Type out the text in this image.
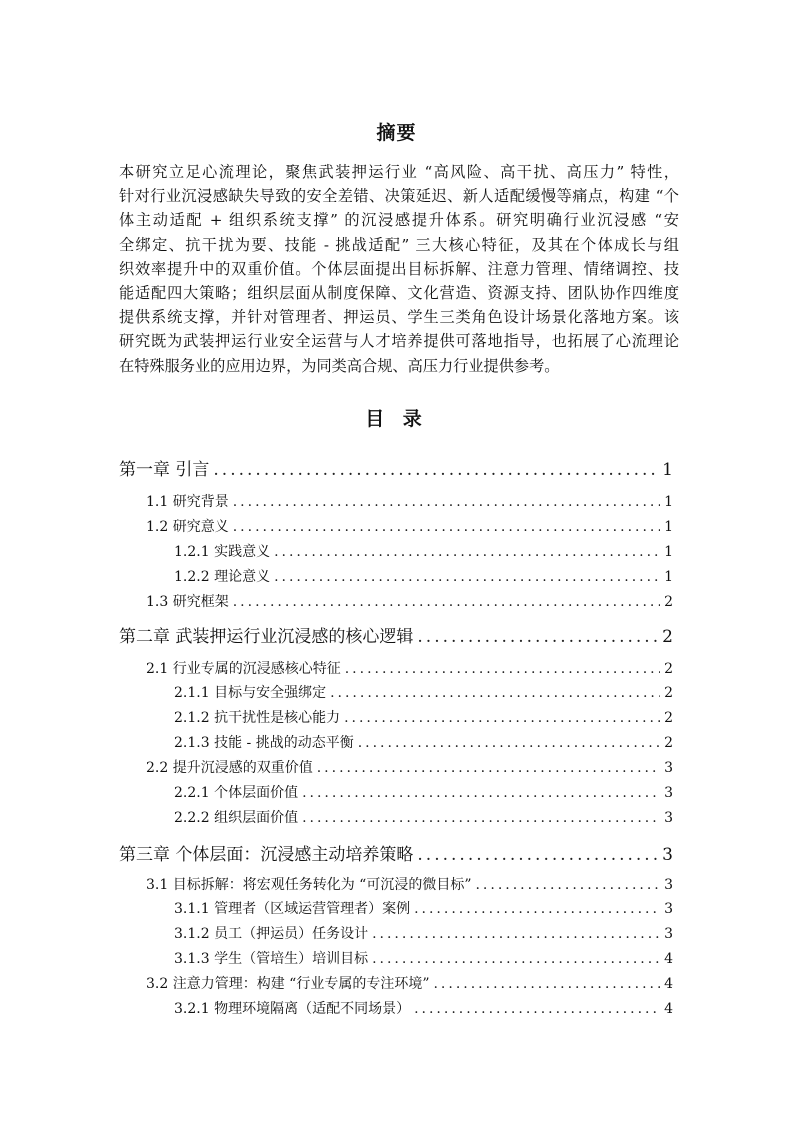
摘要
本研究立足心流理论，聚焦武装押运行业 “高风险、高干扰、高压力” 特性，
针对行业沉浸感缺失导致的安全差错、决策延迟、新人适配缓慢等痛点，构建 “个
体主动适配 + 组织系统支撑” 的沉浸感提升体系。研究明确行业沉浸感 “安
全绑定、抗干扰为要、技能 - 挑战适配” 三大核心特征，及其在个体成长与组
织效率提升中的双重价值。个体层面提出目标拆解、注意力管理、情绪调控、技
能适配四大策略；组织层面从制度保障、文化营造、资源支持、团队协作四维度
提供系统支撑，并针对管理者、押运员、学生三类角色设计场景化落地方案。该
研究既为武装押运行业安全运营与人才培养提供可落地指导，也拓展了心流理论
在特殊服务业的应用边界，为同类高合规、高压力行业提供参考。
目 录
第一章 引言 .....	1
1.1 研究背景 .....	1
1.2 研究意义 .....	1
1.2.1 实践意义 .....	1
1.2.2 理论意义 .....	1
1.3 研究框架 .....	2
第二章 武装押运行业沉浸感的核心逻辑 .....	2
2.1 行业专属的沉浸感核心特征 .....	2
2.1.1 目标与安全强绑定 .....	2
2.1.2 抗干扰性是核心能力 .....	2
2.1.3 技能 - 挑战的动态平衡 .....	2
2.2 提升沉浸感的双重价值 .....	3
2.2.1 个体层面价值 .....	3
2.2.2 组织层面价值 .....	3
第三章 个体层面：沉浸感主动培养策略 .....	3
3.1 目标拆解：将宏观任务转化为 “可沉浸的微目标” .....	3
3.1.1 管理者（区域运营管理者）案例 .....	3
3.1.2 员工（押运员）任务设计 .....	3
3.1.3 学生（管培生）培训目标 .....	4
3.2 注意力管理：构建 “行业专属的专注环境” .....	4
3.2.1 物理环境隔离（适配不同场景） .....	4
